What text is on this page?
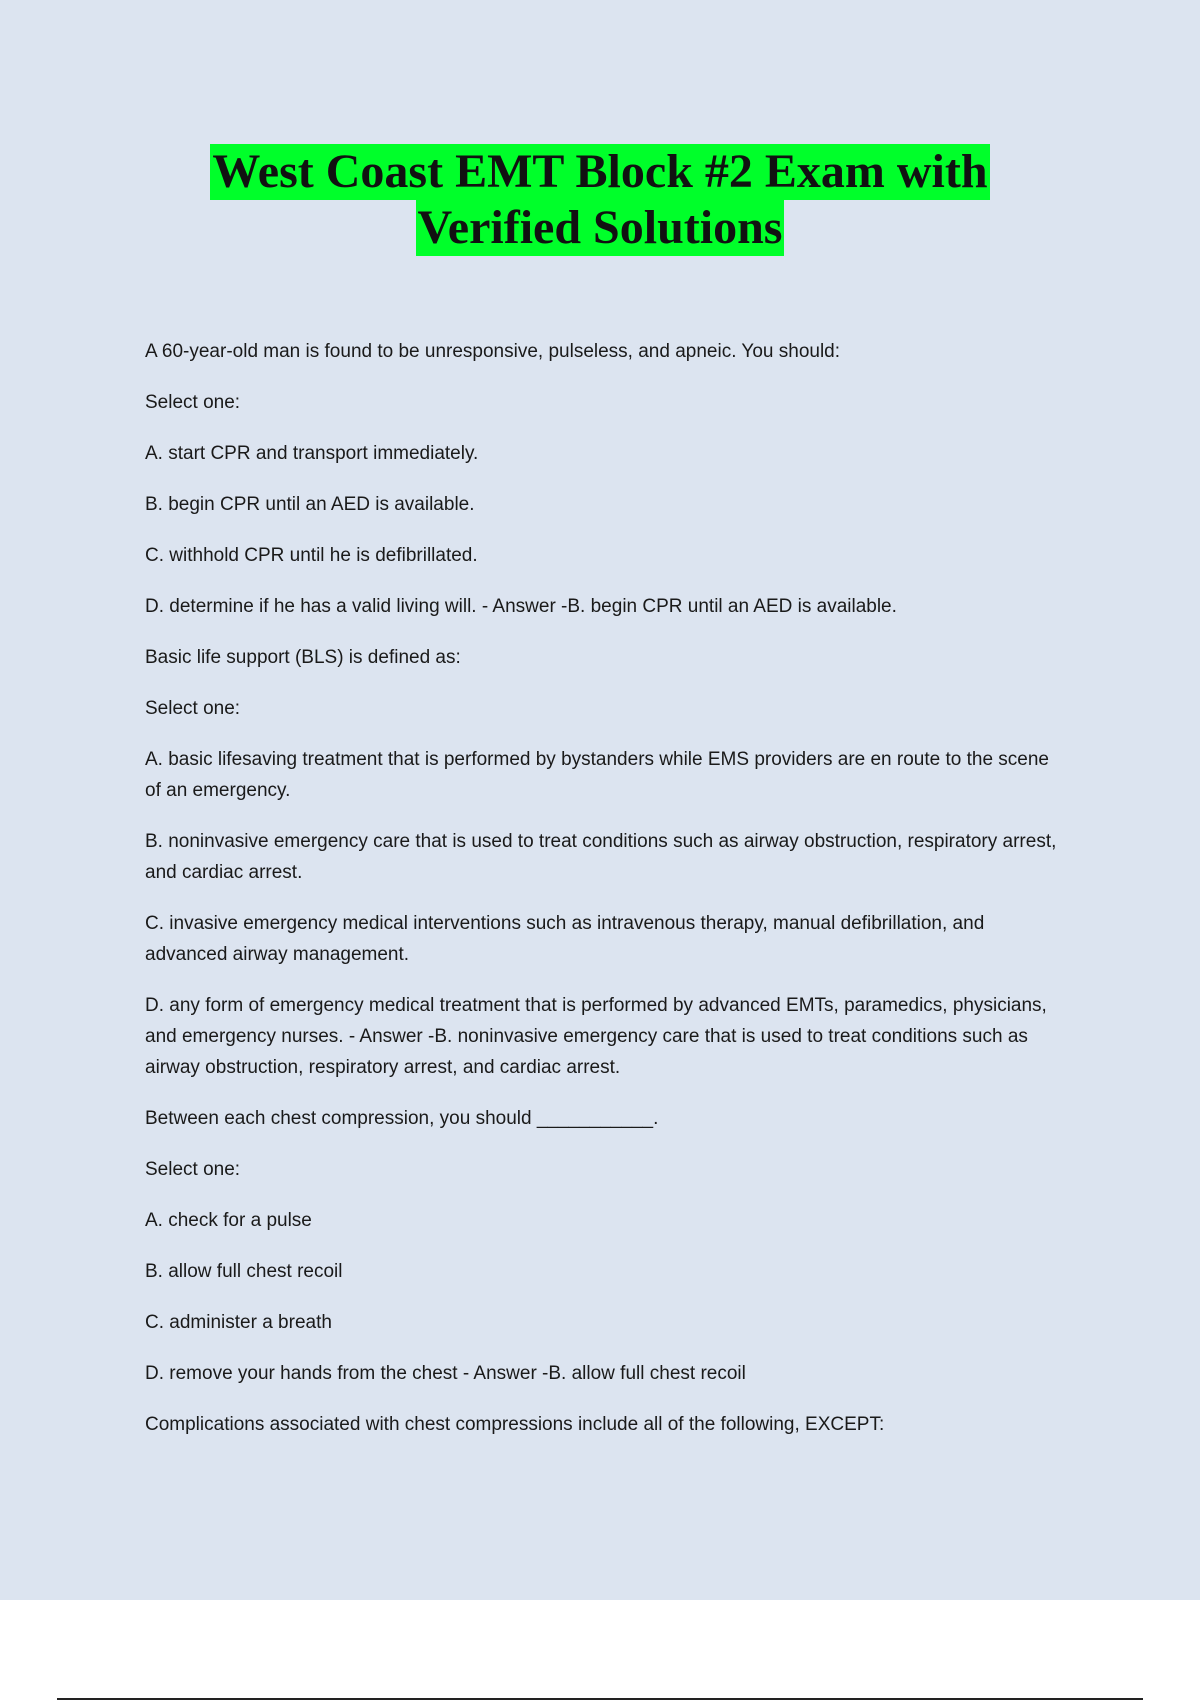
West Coast EMT Block #2 Exam with
Verified Solutions

A 60-year-old man is found to be unresponsive, pulseless, and apneic. You should:

Select one:

A. start CPR and transport immediately.

B. begin CPR until an AED is available.

C. withhold CPR until he is defibrillated.

D. determine if he has a valid living will. - Answer -B. begin CPR until an AED is available.

Basic life support (BLS) is defined as:

Select one:

A. basic lifesaving treatment that is performed by bystanders while EMS providers are en route to the scene of an emergency.

B. noninvasive emergency care that is used to treat conditions such as airway obstruction, respiratory arrest, and cardiac arrest.

C. invasive emergency medical interventions such as intravenous therapy, manual defibrillation, and advanced airway management.

D. any form of emergency medical treatment that is performed by advanced EMTs, paramedics, physicians, and emergency nurses. - Answer -B. noninvasive emergency care that is used to treat conditions such as airway obstruction, respiratory arrest, and cardiac arrest.

Between each chest compression, you should ___________.

Select one:

A. check for a pulse

B. allow full chest recoil

C. administer a breath

D. remove your hands from the chest - Answer -B. allow full chest recoil

Complications associated with chest compressions include all of the following, EXCEPT:
